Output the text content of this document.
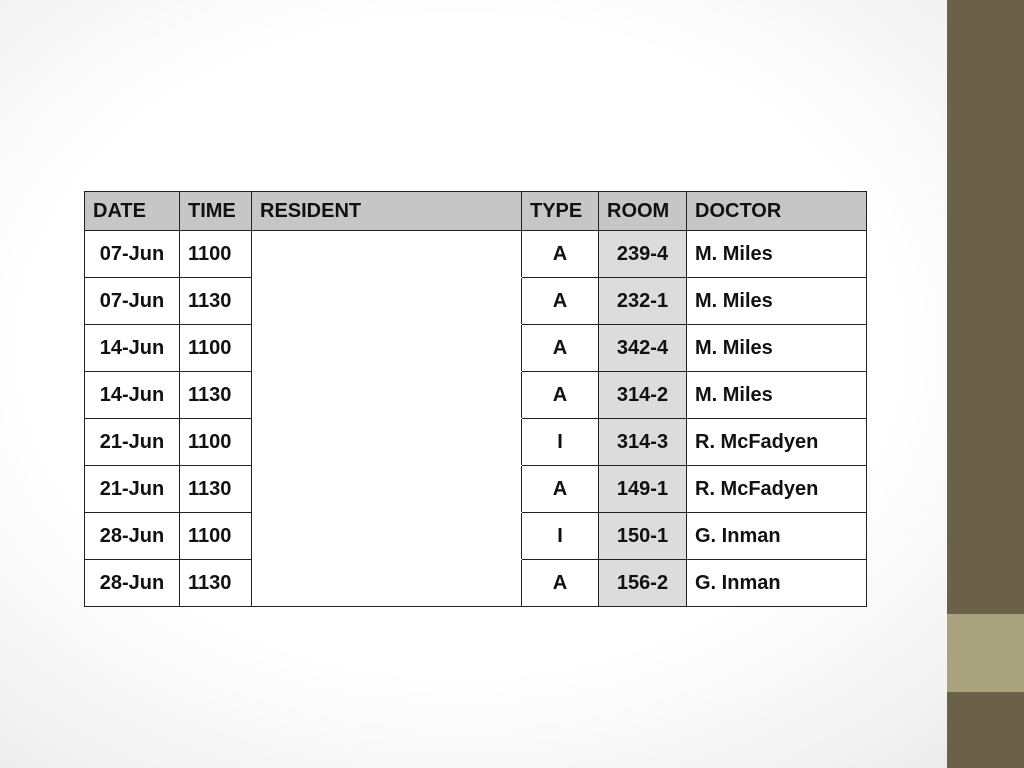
DATE	TIME	RESIDENT	TYPE	ROOM	DOCTOR
07-Jun	1100		A	239-4	M. Miles
07-Jun	1130		A	232-1	M. Miles
14-Jun	1100		A	342-4	M. Miles
14-Jun	1130		A	314-2	M. Miles
21-Jun	1100		I	314-3	R. McFadyen
21-Jun	1130		A	149-1	R. McFadyen
28-Jun	1100		I	150-1	G. Inman
28-Jun	1130		A	156-2	G. Inman
